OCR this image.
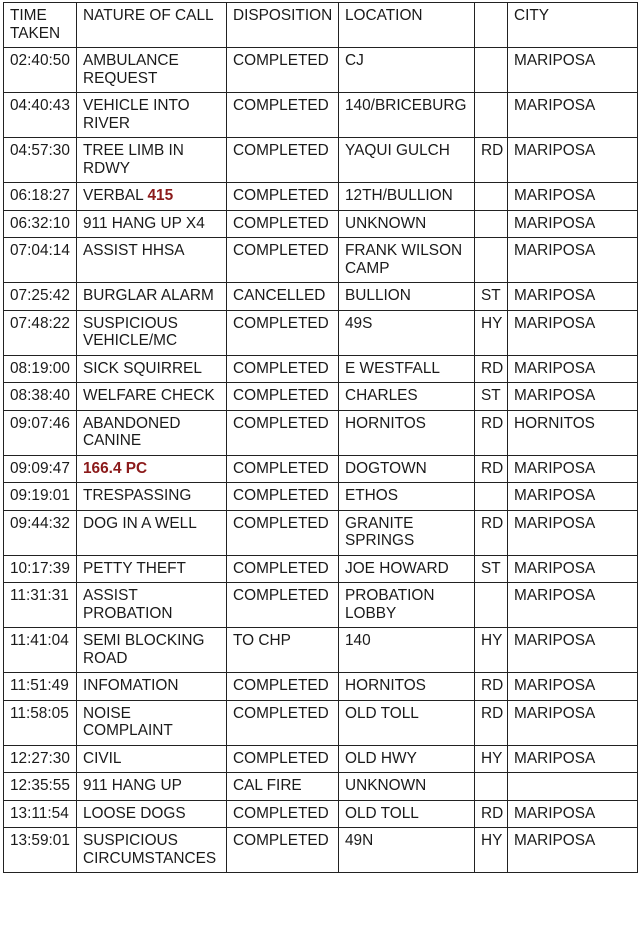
TIME TAKEN	NATURE OF CALL	DISPOSITION	LOCATION		CITY
02:40:50	AMBULANCE REQUEST	COMPLETED	CJ		MARIPOSA
04:40:43	VEHICLE INTO RIVER	COMPLETED	140/BRICEBURG		MARIPOSA
04:57:30	TREE LIMB IN RDWY	COMPLETED	YAQUI GULCH	RD	MARIPOSA
06:18:27	VERBAL 415	COMPLETED	12TH/BULLION		MARIPOSA
06:32:10	911 HANG UP X4	COMPLETED	UNKNOWN		MARIPOSA
07:04:14	ASSIST HHSA	COMPLETED	FRANK WILSON CAMP		MARIPOSA
07:25:42	BURGLAR ALARM	CANCELLED	BULLION	ST	MARIPOSA
07:48:22	SUSPICIOUS VEHICLE/MC	COMPLETED	49S	HY	MARIPOSA
08:19:00	SICK SQUIRREL	COMPLETED	E WESTFALL	RD	MARIPOSA
08:38:40	WELFARE CHECK	COMPLETED	CHARLES	ST	MARIPOSA
09:07:46	ABANDONED CANINE	COMPLETED	HORNITOS	RD	HORNITOS
09:09:47	166.4 PC	COMPLETED	DOGTOWN	RD	MARIPOSA
09:19:01	TRESPASSING	COMPLETED	ETHOS		MARIPOSA
09:44:32	DOG IN A WELL	COMPLETED	GRANITE SPRINGS	RD	MARIPOSA
10:17:39	PETTY THEFT	COMPLETED	JOE HOWARD	ST	MARIPOSA
11:31:31	ASSIST PROBATION	COMPLETED	PROBATION LOBBY		MARIPOSA
11:41:04	SEMI BLOCKING ROAD	TO CHP	140	HY	MARIPOSA
11:51:49	INFOMATION	COMPLETED	HORNITOS	RD	MARIPOSA
11:58:05	NOISE COMPLAINT	COMPLETED	OLD TOLL	RD	MARIPOSA
12:27:30	CIVIL	COMPLETED	OLD HWY	HY	MARIPOSA
12:35:55	911 HANG UP	CAL FIRE	UNKNOWN		
13:11:54	LOOSE DOGS	COMPLETED	OLD TOLL	RD	MARIPOSA
13:59:01	SUSPICIOUS CIRCUMSTANCES	COMPLETED	49N	HY	MARIPOSA
